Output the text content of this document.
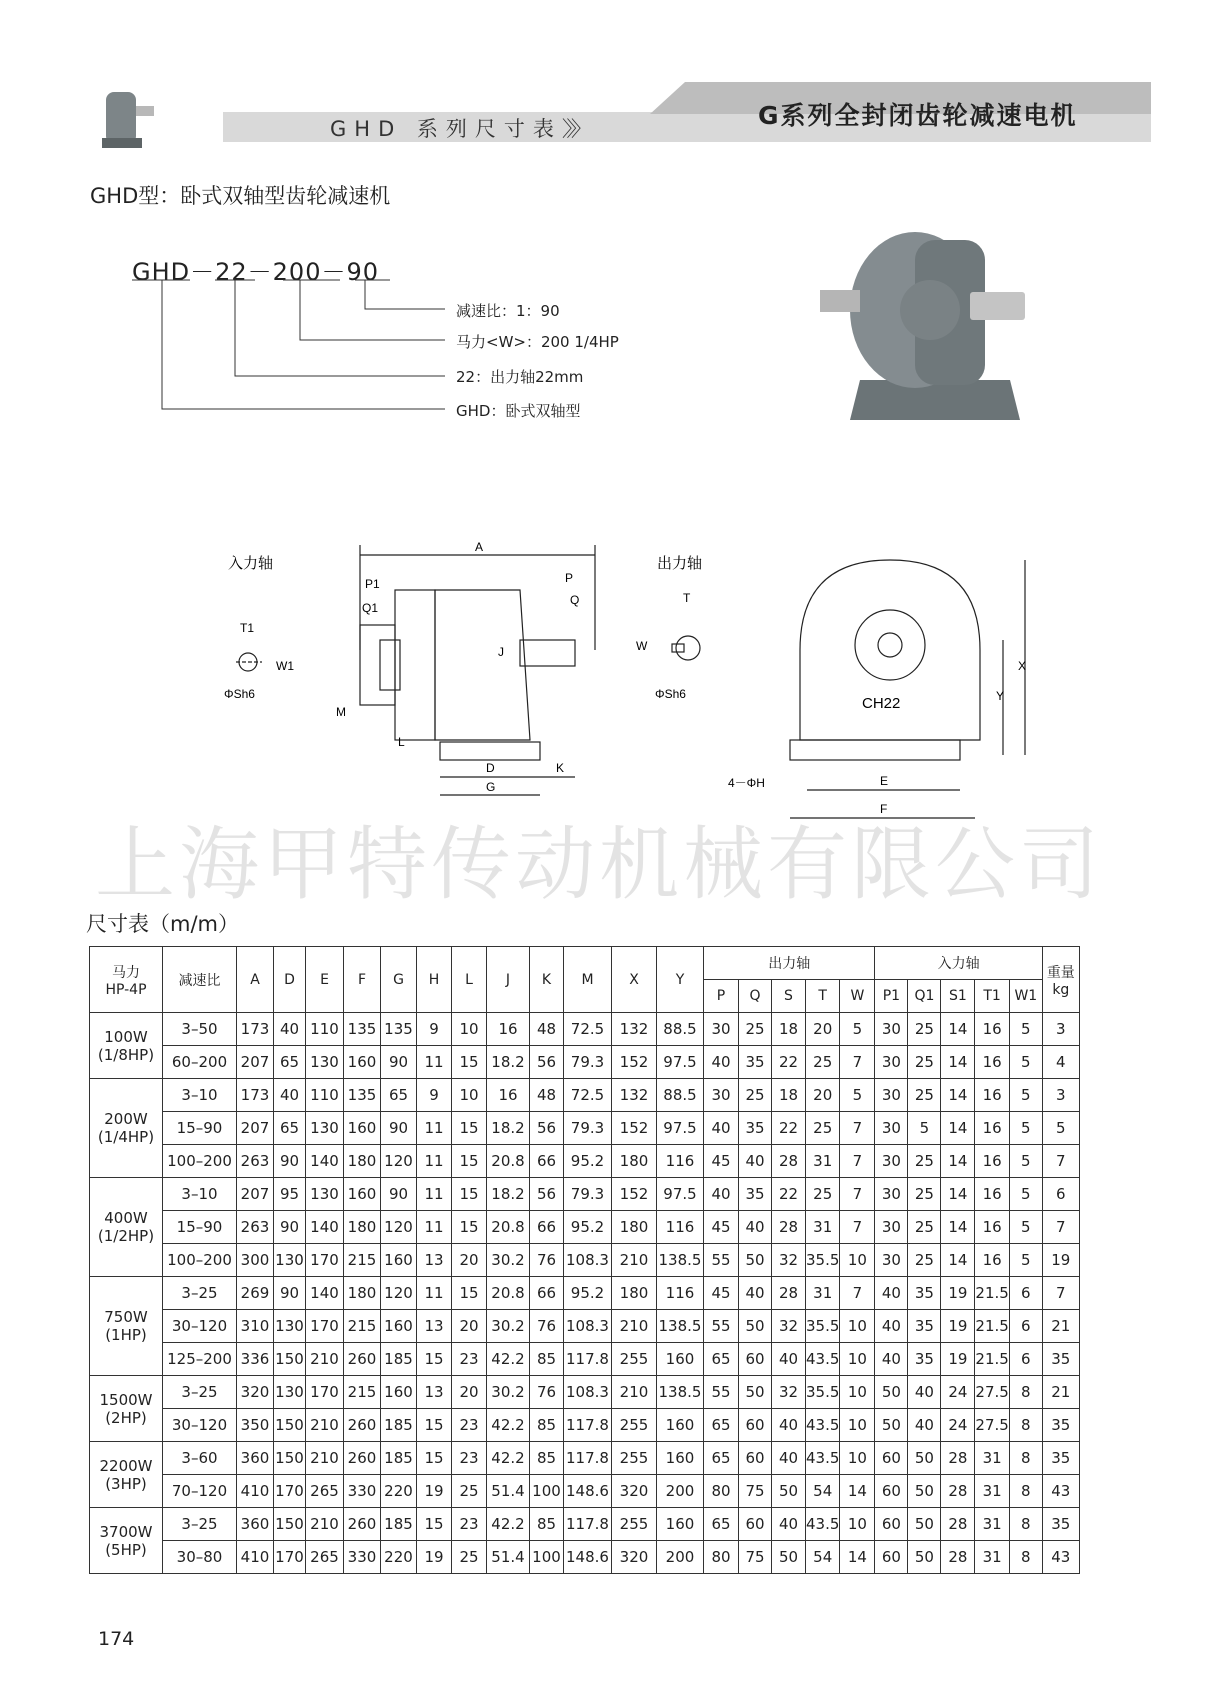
GHD 系列尺寸表〉〉〉	G系列全封闭齿轮减速电机
GHD型：卧式双轴型齿轮减速机
GHD－22－200－90
减速比：1：90
马力<W>：200 1/4HP
22：出力轴22mm
GHD：卧式双轴型
入力轴	出力轴
ΦSh6	ΦSh6
CH22
4－ΦH
A
P1
Q1
P
Q
J
M
L
D
G
K
T1
W1
T
W
X
Y
E
F
上海甲特传动机械有限公司
尺寸表（m/m）
马力
HP-4P	减速比	A	D	E	F	G	H	L	J	K	M	X	Y	出力轴					入力轴					重量
kg
														P	Q	S	T	W	P1	Q1	S1	T1	W1	
100W
(1/8HP)	3–50	173	40	110	135	135	9	10	16	48	72.5	132	88.5	30	25	18	20	5	30	25	14	16	5	3
	60–200	207	65	130	160	90	11	15	18.2	56	79.3	152	97.5	40	35	22	25	7	30	25	14	16	5	4
200W
(1/4HP)	3–10	173	40	110	135	65	9	10	16	48	72.5	132	88.5	30	25	18	20	5	30	25	14	16	5	3
	15–90	207	65	130	160	90	11	15	18.2	56	79.3	152	97.5	40	35	22	25	7	30	5	14	16	5	5
	100–200	263	90	140	180	120	11	15	20.8	66	95.2	180	116	45	40	28	31	7	30	25	14	16	5	7
400W
(1/2HP)	3–10	207	95	130	160	90	11	15	18.2	56	79.3	152	97.5	40	35	22	25	7	30	25	14	16	5	6
	15–90	263	90	140	180	120	11	15	20.8	66	95.2	180	116	45	40	28	31	7	30	25	14	16	5	7
	100–200	300	130	170	215	160	13	20	30.2	76	108.3	210	138.5	55	50	32	35.5	10	30	25	14	16	5	19
750W
(1HP)	3–25	269	90	140	180	120	11	15	20.8	66	95.2	180	116	45	40	28	31	7	40	35	19	21.5	6	7
	30–120	310	130	170	215	160	13	20	30.2	76	108.3	210	138.5	55	50	32	35.5	10	40	35	19	21.5	6	21
	125–200	336	150	210	260	185	15	23	42.2	85	117.8	255	160	65	60	40	43.5	10	40	35	19	21.5	6	35
1500W
(2HP)	3–25	320	130	170	215	160	13	20	30.2	76	108.3	210	138.5	55	50	32	35.5	10	50	40	24	27.5	8	21
	30–120	350	150	210	260	185	15	23	42.2	85	117.8	255	160	65	60	40	43.5	10	50	40	24	27.5	8	35
2200W
(3HP)	3–60	360	150	210	260	185	15	23	42.2	85	117.8	255	160	65	60	40	43.5	10	60	50	28	31	8	35
	70–120	410	170	265	330	220	19	25	51.4	100	148.6	320	200	80	75	50	54	14	60	50	28	31	8	43
3700W
(5HP)	3–25	360	150	210	260	185	15	23	42.2	85	117.8	255	160	65	60	40	43.5	10	60	50	28	31	8	35
	30–80	410	170	265	330	220	19	25	51.4	100	148.6	320	200	80	75	50	54	14	60	50	28	31	8	43
174
